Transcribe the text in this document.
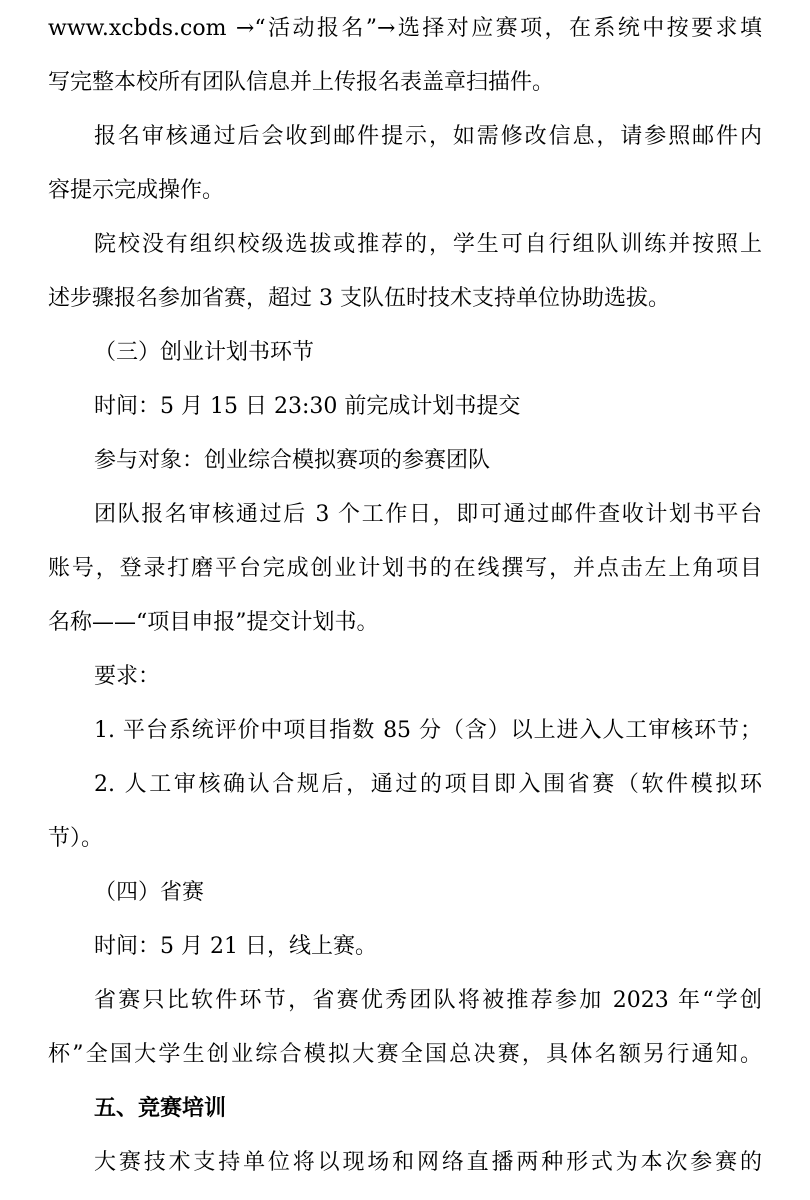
www.xcbds.com →“活动报名”→选择对应赛项，在系统中按要求填
写完整本校所有团队信息并上传报名表盖章扫描件。
报名审核通过后会收到邮件提示，如需修改信息，请参照邮件内
容提示完成操作。
院校没有组织校级选拔或推荐的，学生可自行组队训练并按照上
述步骤报名参加省赛，超过 3 支队伍时技术支持单位协助选拔。
（三）创业计划书环节
时间：5 月 15 日 23:30 前完成计划书提交
参与对象：创业综合模拟赛项的参赛团队
团队报名审核通过后 3 个工作日，即可通过邮件查收计划书平台
账号，登录打磨平台完成创业计划书的在线撰写，并点击左上角项目
名称——“项目申报”提交计划书。
要求：
1. 平台系统评价中项目指数 85 分（含）以上进入人工审核环节；
2. 人工审核确认合规后，通过的项目即入围省赛（软件模拟环
节）。
（四）省赛
时间：5 月 21 日，线上赛。
省赛只比软件环节，省赛优秀团队将被推荐参加 2023 年“学创
杯”全国大学生创业综合模拟大赛全国总决赛，具体名额另行通知。
五、竞赛培训
大赛技术支持单位将以现场和网络直播两种形式为本次参赛的
